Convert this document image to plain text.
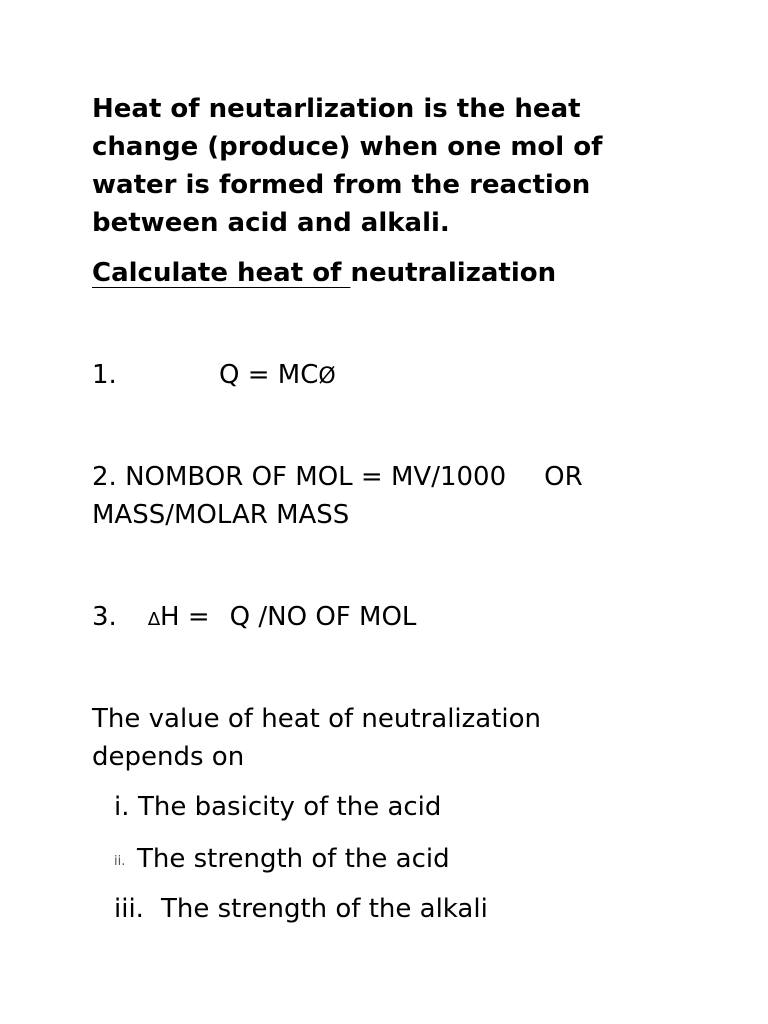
Heat of neutarlization is the heat change (produce) when one mol of water is formed from the reaction between acid and alkali.

Calculate heat of neutralization

1.	Q = MCØ

2. NOMBOR OF MOL = MV/1000 OR MASS/MOLAR MASS

3. ∆H = Q /NO OF MOL

The value of heat of neutralization depends on

i. The basicity of the acid

ii. The strength of the acid

iii. The strength of the alkali
